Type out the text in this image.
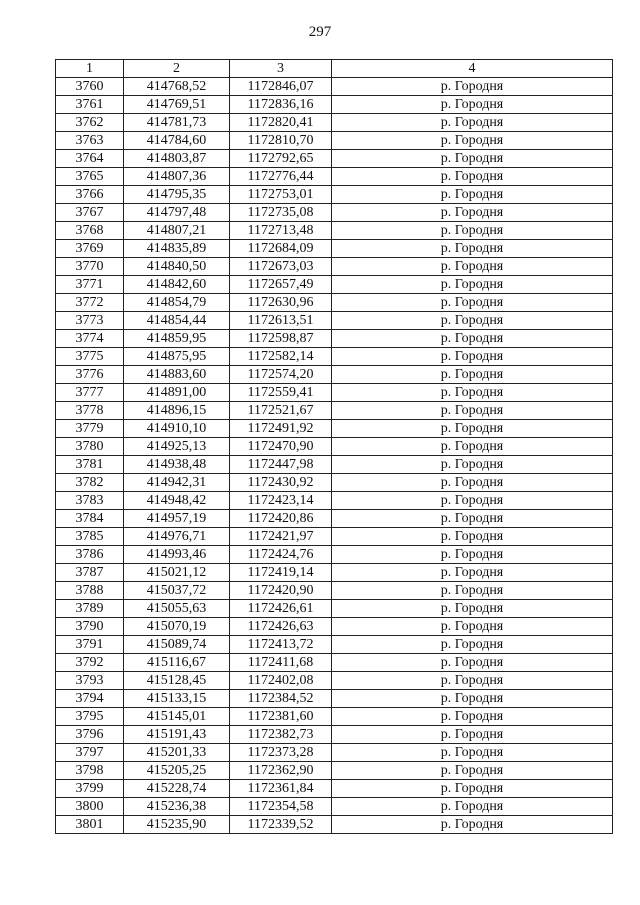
297
1	2	3	4
3760	414768,52	1172846,07	р. Городня
3761	414769,51	1172836,16	р. Городня
3762	414781,73	1172820,41	р. Городня
3763	414784,60	1172810,70	р. Городня
3764	414803,87	1172792,65	р. Городня
3765	414807,36	1172776,44	р. Городня
3766	414795,35	1172753,01	р. Городня
3767	414797,48	1172735,08	р. Городня
3768	414807,21	1172713,48	р. Городня
3769	414835,89	1172684,09	р. Городня
3770	414840,50	1172673,03	р. Городня
3771	414842,60	1172657,49	р. Городня
3772	414854,79	1172630,96	р. Городня
3773	414854,44	1172613,51	р. Городня
3774	414859,95	1172598,87	р. Городня
3775	414875,95	1172582,14	р. Городня
3776	414883,60	1172574,20	р. Городня
3777	414891,00	1172559,41	р. Городня
3778	414896,15	1172521,67	р. Городня
3779	414910,10	1172491,92	р. Городня
3780	414925,13	1172470,90	р. Городня
3781	414938,48	1172447,98	р. Городня
3782	414942,31	1172430,92	р. Городня
3783	414948,42	1172423,14	р. Городня
3784	414957,19	1172420,86	р. Городня
3785	414976,71	1172421,97	р. Городня
3786	414993,46	1172424,76	р. Городня
3787	415021,12	1172419,14	р. Городня
3788	415037,72	1172420,90	р. Городня
3789	415055,63	1172426,61	р. Городня
3790	415070,19	1172426,63	р. Городня
3791	415089,74	1172413,72	р. Городня
3792	415116,67	1172411,68	р. Городня
3793	415128,45	1172402,08	р. Городня
3794	415133,15	1172384,52	р. Городня
3795	415145,01	1172381,60	р. Городня
3796	415191,43	1172382,73	р. Городня
3797	415201,33	1172373,28	р. Городня
3798	415205,25	1172362,90	р. Городня
3799	415228,74	1172361,84	р. Городня
3800	415236,38	1172354,58	р. Городня
3801	415235,90	1172339,52	р. Городня
